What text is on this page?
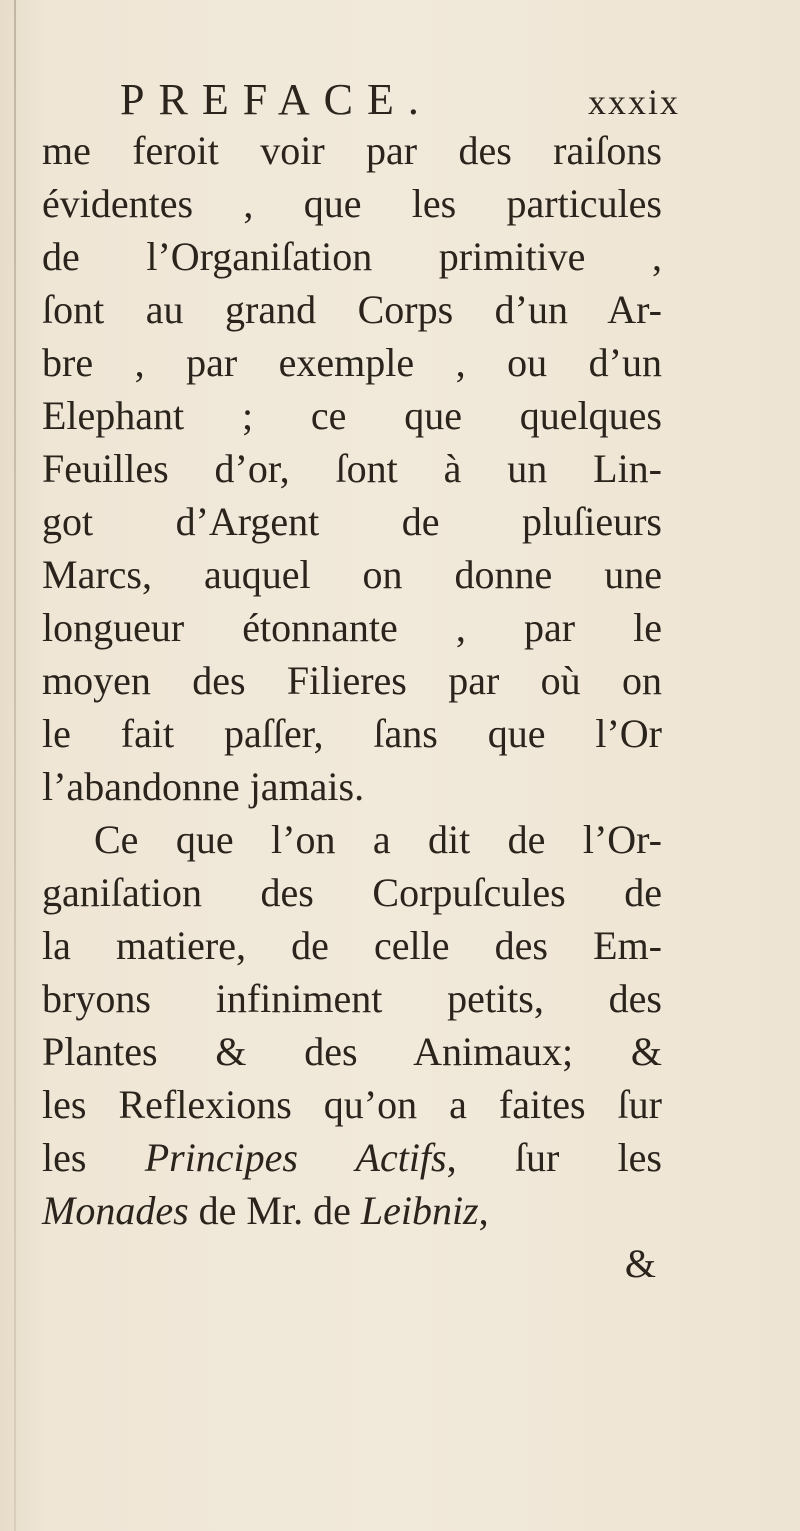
PREFACE.	xxxix
me feroit voir par des raiſons
évidentes , que les particules
de l’Organiſation primitive ,
ſont au grand Corps d’un Ar-
bre , par exemple , ou d’un
Elephant ; ce que quelques
Feuilles d’or, ſont à un Lin-
got d’Argent de pluſieurs
Marcs, auquel on donne une
longueur étonnante , par le
moyen des Filieres par où on
le fait paſſer, ſans que l’Or
l’abandonne jamais.
Ce que l’on a dit de l’Or-
ganiſation des Corpuſcules de
la matiere, de celle des Em-
bryons infiniment petits, des
Plantes & des Animaux; &
les Reflexions qu’on a faites ſur
les Principes Actifs, ſur les
Monades de Mr. de Leibniz,
&
